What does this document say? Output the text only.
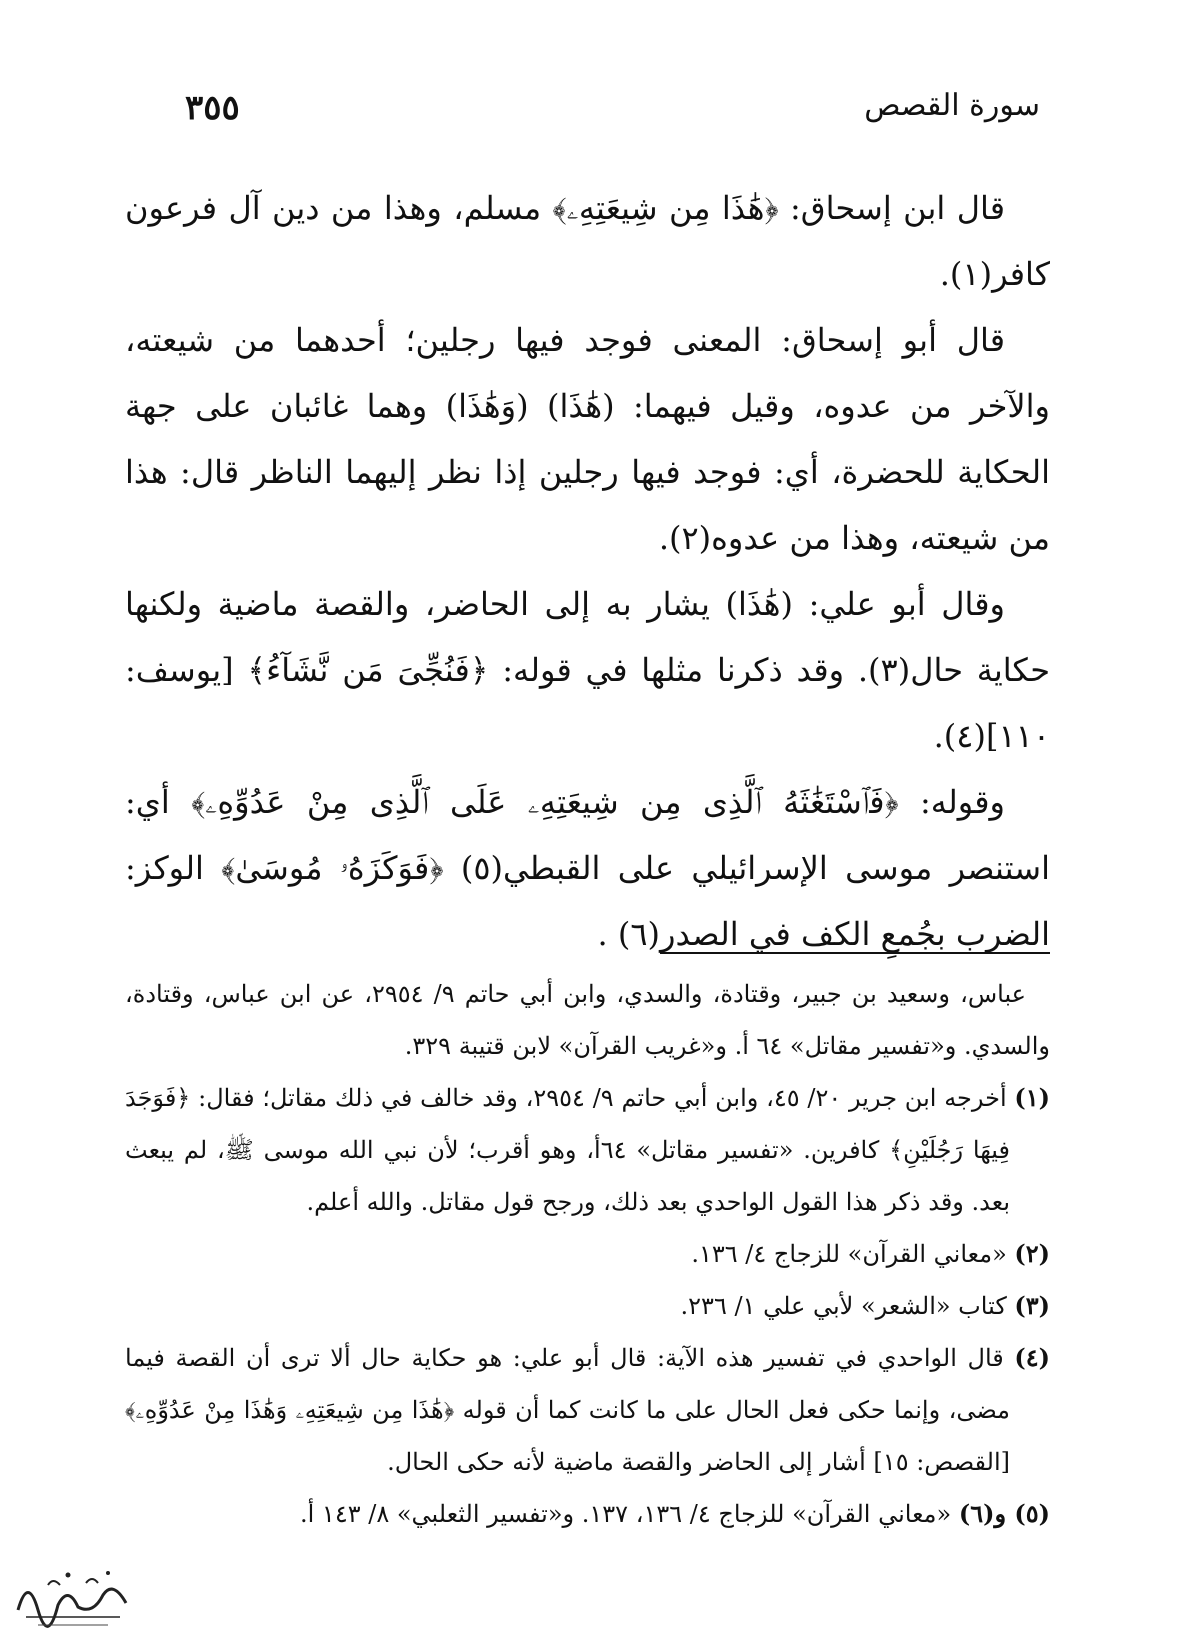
سورة القصص
٣٥٥

قال ابن إسحاق: ﴿هَٰذَا مِن شِيعَتِهِۦ﴾ مسلم، وهذا من دين آل فرعون كافر(١).

قال أبو إسحاق: المعنى فوجد فيها رجلين؛ أحدهما من شيعته، والآخر من عدوه، وقيل فيهما: (هَٰذَا) (وَهَٰذَا) وهما غائبان على جهة الحكاية للحضرة، أي: فوجد فيها رجلين إذا نظر إليهما الناظر قال: هذا من شيعته، وهذا من عدوه(٢).

وقال أبو علي: (هَٰذَا) يشار به إلى الحاضر، والقصة ماضية ولكنها حكاية حال(٣). وقد ذكرنا مثلها في قوله: ﴿فَنُجِّىَ مَن نَّشَآءُ﴾ [يوسف: ١١٠](٤).

وقوله: ﴿فَٱسْتَغَٰثَهُ ٱلَّذِى مِن شِيعَتِهِۦ عَلَى ٱلَّذِى مِنْ عَدُوِّهِۦ﴾ أي: استنصر موسى الإسرائيلي على القبطي(٥) ﴿فَوَكَزَهُۥ مُوسَىٰ﴾ الوكز: الضرب بجُمعِ الكف في الصدر(٦) .

عباس، وسعيد بن جبير، وقتادة، والسدي، وابن أبي حاتم ٩/ ٢٩٥٤، عن ابن عباس، وقتادة، والسدي. و«تفسير مقاتل» ٦٤ أ. و«غريب القرآن» لابن قتيبة ٣٢٩.

(١) أخرجه ابن جرير ٢٠/ ٤٥، وابن أبي حاتم ٩/ ٢٩٥٤، وقد خالف في ذلك مقاتل؛ فقال: ﴿فَوَجَدَ فِيهَا رَجُلَيْنِ﴾ كافرين. «تفسير مقاتل» ٦٤أ، وهو أقرب؛ لأن نبي الله موسى ﷺ، لم يبعث بعد. وقد ذكر هذا القول الواحدي بعد ذلك، ورجح قول مقاتل. والله أعلم.

(٢) «معاني القرآن» للزجاج ٤/ ١٣٦.

(٣) كتاب «الشعر» لأبي علي ١/ ٢٣٦.

(٤) قال الواحدي في تفسير هذه الآية: قال أبو علي: هو حكاية حال ألا ترى أن القصة فيما مضى، وإنما حكى فعل الحال على ما كانت كما أن قوله ﴿هَٰذَا مِن شِيعَتِهِۦ وَهَٰذَا مِنْ عَدُوِّهِۦ﴾ [القصص: ١٥] أشار إلى الحاضر والقصة ماضية لأنه حكى الحال.

(٥) و(٦) «معاني القرآن» للزجاج ٤/ ١٣٦، ١٣٧. و«تفسير الثعلبي» ٨/ ١٤٣ أ.
